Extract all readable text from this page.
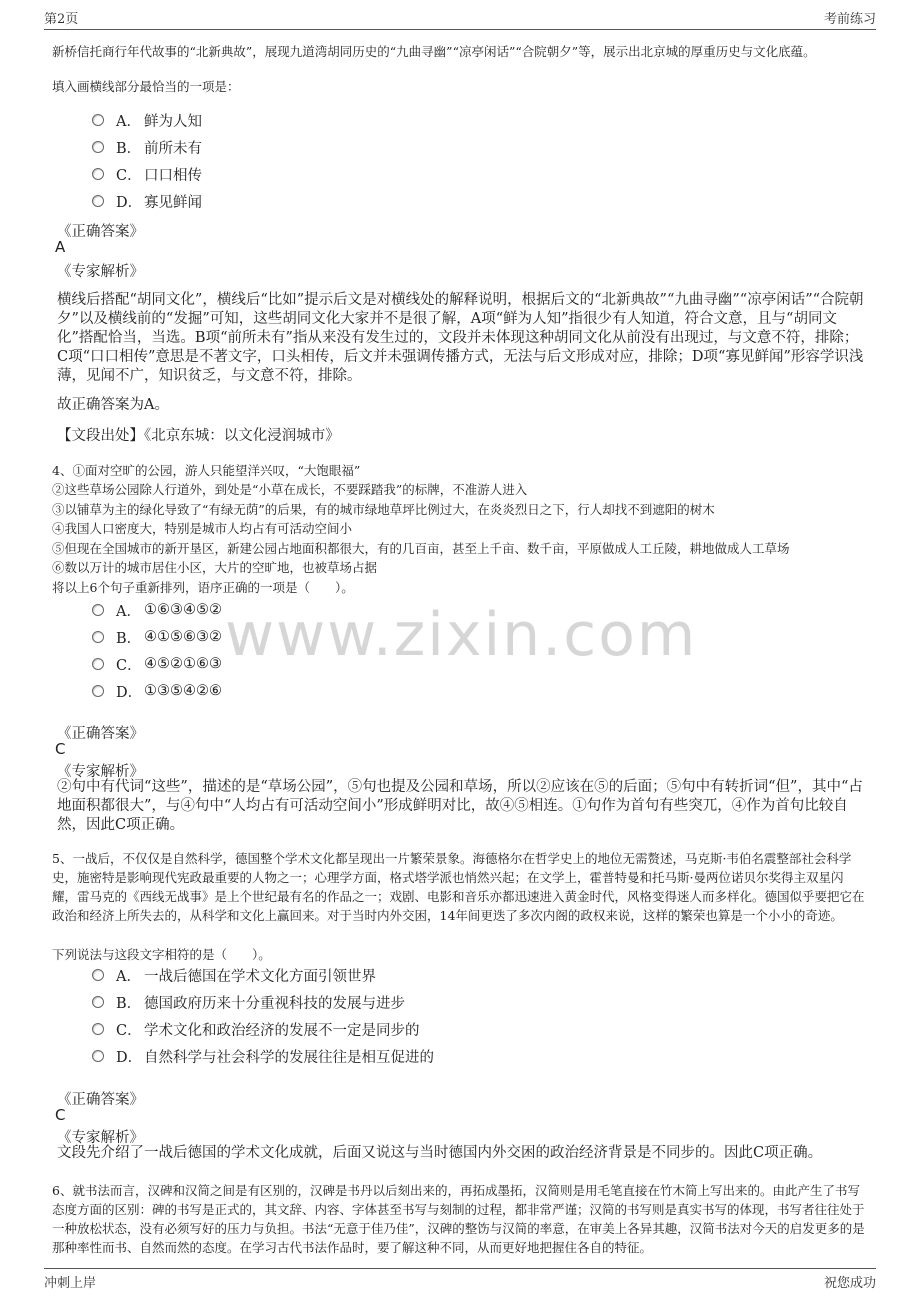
第2页	考前练习
www.zixin.com

新桥信托商行年代故事的“北新典故”，展现九道湾胡同历史的“九曲寻幽”“凉亭闲话”“合院朝夕”等，展示出北京城的厚重历史与文化底蕴。

填入画横线部分最恰当的一项是：

A． 鲜为人知
B． 前所未有
C． 口口相传
D． 寡见鲜闻

《正确答案》

A

《专家解析》

横线后搭配“胡同文化”，横线后“比如”提示后文是对横线处的解释说明，根据后文的“北新典故”“九曲寻幽”“凉亭闲话”“合院朝夕”以及横线前的“发掘”可知，这些胡同文化大家并不是很了解，A项“鲜为人知”指很少有人知道，符合文意，且与“胡同文化”搭配恰当，当选。B项“前所未有”指从来没有发生过的，文段并未体现这种胡同文化从前没有出现过，与文意不符，排除；C项“口口相传”意思是不著文字，口头相传，后文并未强调传播方式，无法与后文形成对应，排除；D项“寡见鲜闻”形容学识浅薄，见闻不广，知识贫乏，与文意不符，排除。

故正确答案为A。

【文段出处】《北京东城：以文化浸润城市》

4、①面对空旷的公园，游人只能望洋兴叹，“大饱眼福”

②这些草场公园除人行道外，到处是“小草在成长，不要踩踏我”的标牌，不准游人进入

③以铺草为主的绿化导致了“有绿无荫”的后果，有的城市绿地草坪比例过大，在炎炎烈日之下，行人却找不到遮阳的树木

④我国人口密度大，特别是城市人均占有可活动空间小

⑤但现在全国城市的新开垦区，新建公园占地面积都很大，有的几百亩，甚至上千亩、数千亩，平原做成人工丘陵，耕地做成人工草场

⑥数以万计的城市居住小区，大片的空旷地，也被草场占据

将以上6个句子重新排列，语序正确的一项是（　　）。

A． ①⑥③④⑤②
B． ④①⑤⑥③②
C． ④⑤②①⑥③
D． ①③⑤④②⑥

《正确答案》

C

《专家解析》

②句中有代词“这些”，描述的是“草场公园”，⑤句也提及公园和草场，所以②应该在⑤的后面；⑤句中有转折词“但”，其中“占地面积都很大”，与④句中“人均占有可活动空间小”形成鲜明对比，故④⑤相连。①句作为首句有些突兀，④作为首句比较自然，因此C项正确。

5、一战后，不仅仅是自然科学，德国整个学术文化都呈现出一片繁荣景象。海德格尔在哲学史上的地位无需赘述，马克斯·韦伯名震整部社会科学史，施密特是影响现代宪政最重要的人物之一；心理学方面，格式塔学派也悄然兴起；在文学上，霍普特曼和托马斯·曼两位诺贝尔奖得主双星闪耀，雷马克的《西线无战事》是上个世纪最有名的作品之一；戏剧、电影和音乐亦都迅速进入黄金时代，风格变得迷人而多样化。德国似乎要把它在政治和经济上所失去的，从科学和文化上赢回来。对于当时内外交困，14年间更迭了多次内阁的政权来说，这样的繁荣也算是一个小小的奇迹。

下列说法与这段文字相符的是（　　）。

A． 一战后德国在学术文化方面引领世界
B． 德国政府历来十分重视科技的发展与进步
C． 学术文化和政治经济的发展不一定是同步的
D． 自然科学与社会科学的发展往往是相互促进的

《正确答案》

C

《专家解析》

文段先介绍了一战后德国的学术文化成就，后面又说这与当时德国内外交困的政治经济背景是不同步的。因此C项正确。

6、就书法而言，汉碑和汉简之间是有区别的，汉碑是书丹以后刻出来的，再拓成墨拓，汉简则是用毛笔直接在竹木简上写出来的。由此产生了书写态度方面的区别：碑的书写是正式的，其文辞、内容、字体甚至书写与刻制的过程，都非常严谨；汉简的书写则是真实书写的体现，书写者往往处于一种放松状态，没有必须写好的压力与负担。书法“无意于佳乃佳”，汉碑的整饬与汉简的率意，在审美上各异其趣，汉简书法对今天的启发更多的是那种率性而书、自然而然的态度。在学习古代书法作品时，要了解这种不同，从而更好地把握住各自的特征。

冲刺上岸	祝您成功
